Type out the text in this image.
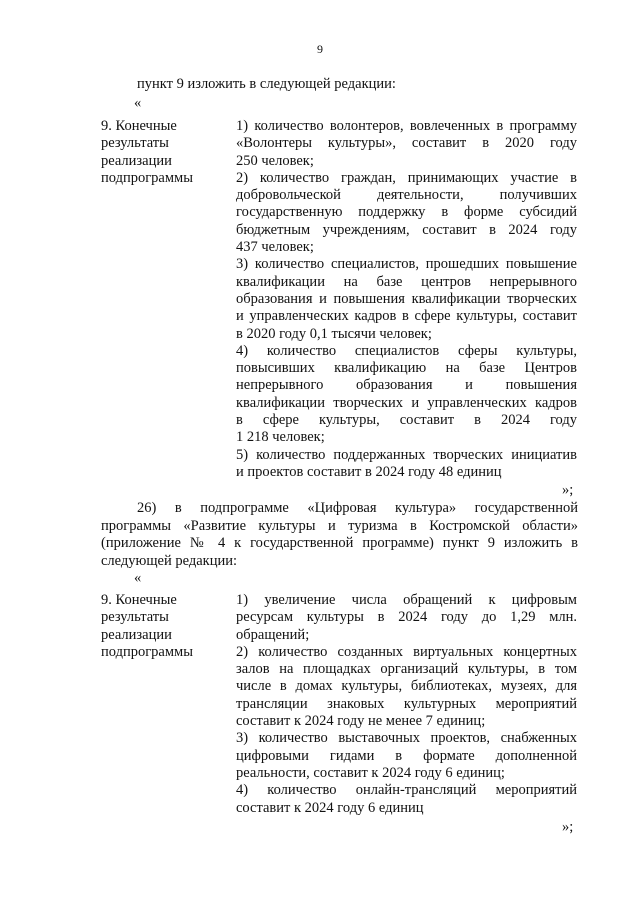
9
пункт 9 изложить в следующей редакции:
«
9. Конечные
результаты
реализации
подпрограммы
1) количество волонтеров, вовлеченных в программу
«Волонтеры культуры», составит в 2020 году
250 человек;
2) количество граждан, принимающих участие в
добровольческой деятельности, получивших
государственную поддержку в форме субсидий
бюджетным учреждениям, составит в 2024 году
437 человек;
3) количество специалистов, прошедших повышение
квалификации на базе центров непрерывного
образования и повышения квалификации творческих
и управленческих кадров в сфере культуры, составит
в 2020 году 0,1 тысячи человек;
4) количество специалистов сферы культуры,
повысивших квалификацию на базе Центров
непрерывного образования и повышения
квалификации творческих и управленческих кадров
в сфере культуры, составит в 2024 году
1 218 человек;
5) количество поддержанных творческих инициатив
и проектов составит в 2024 году 48 единиц
»;
26) в подпрограмме «Цифровая культура» государственной
программы «Развитие культуры и туризма в Костромской области»
(приложение № 4 к государственной программе) пункт 9 изложить в
следующей редакции:
«
9. Конечные
результаты
реализации
подпрограммы
1) увеличение числа обращений к цифровым
ресурсам культуры в 2024 году до 1,29 млн.
обращений;
2) количество созданных виртуальных концертных
залов на площадках организаций культуры, в том
числе в домах культуры, библиотеках, музеях, для
трансляции знаковых культурных мероприятий
составит к 2024 году не менее 7 единиц;
3) количество выставочных проектов, снабженных
цифровыми гидами в формате дополненной
реальности, составит к 2024 году 6 единиц;
4) количество онлайн-трансляций мероприятий
составит к 2024 году 6 единиц
»;
